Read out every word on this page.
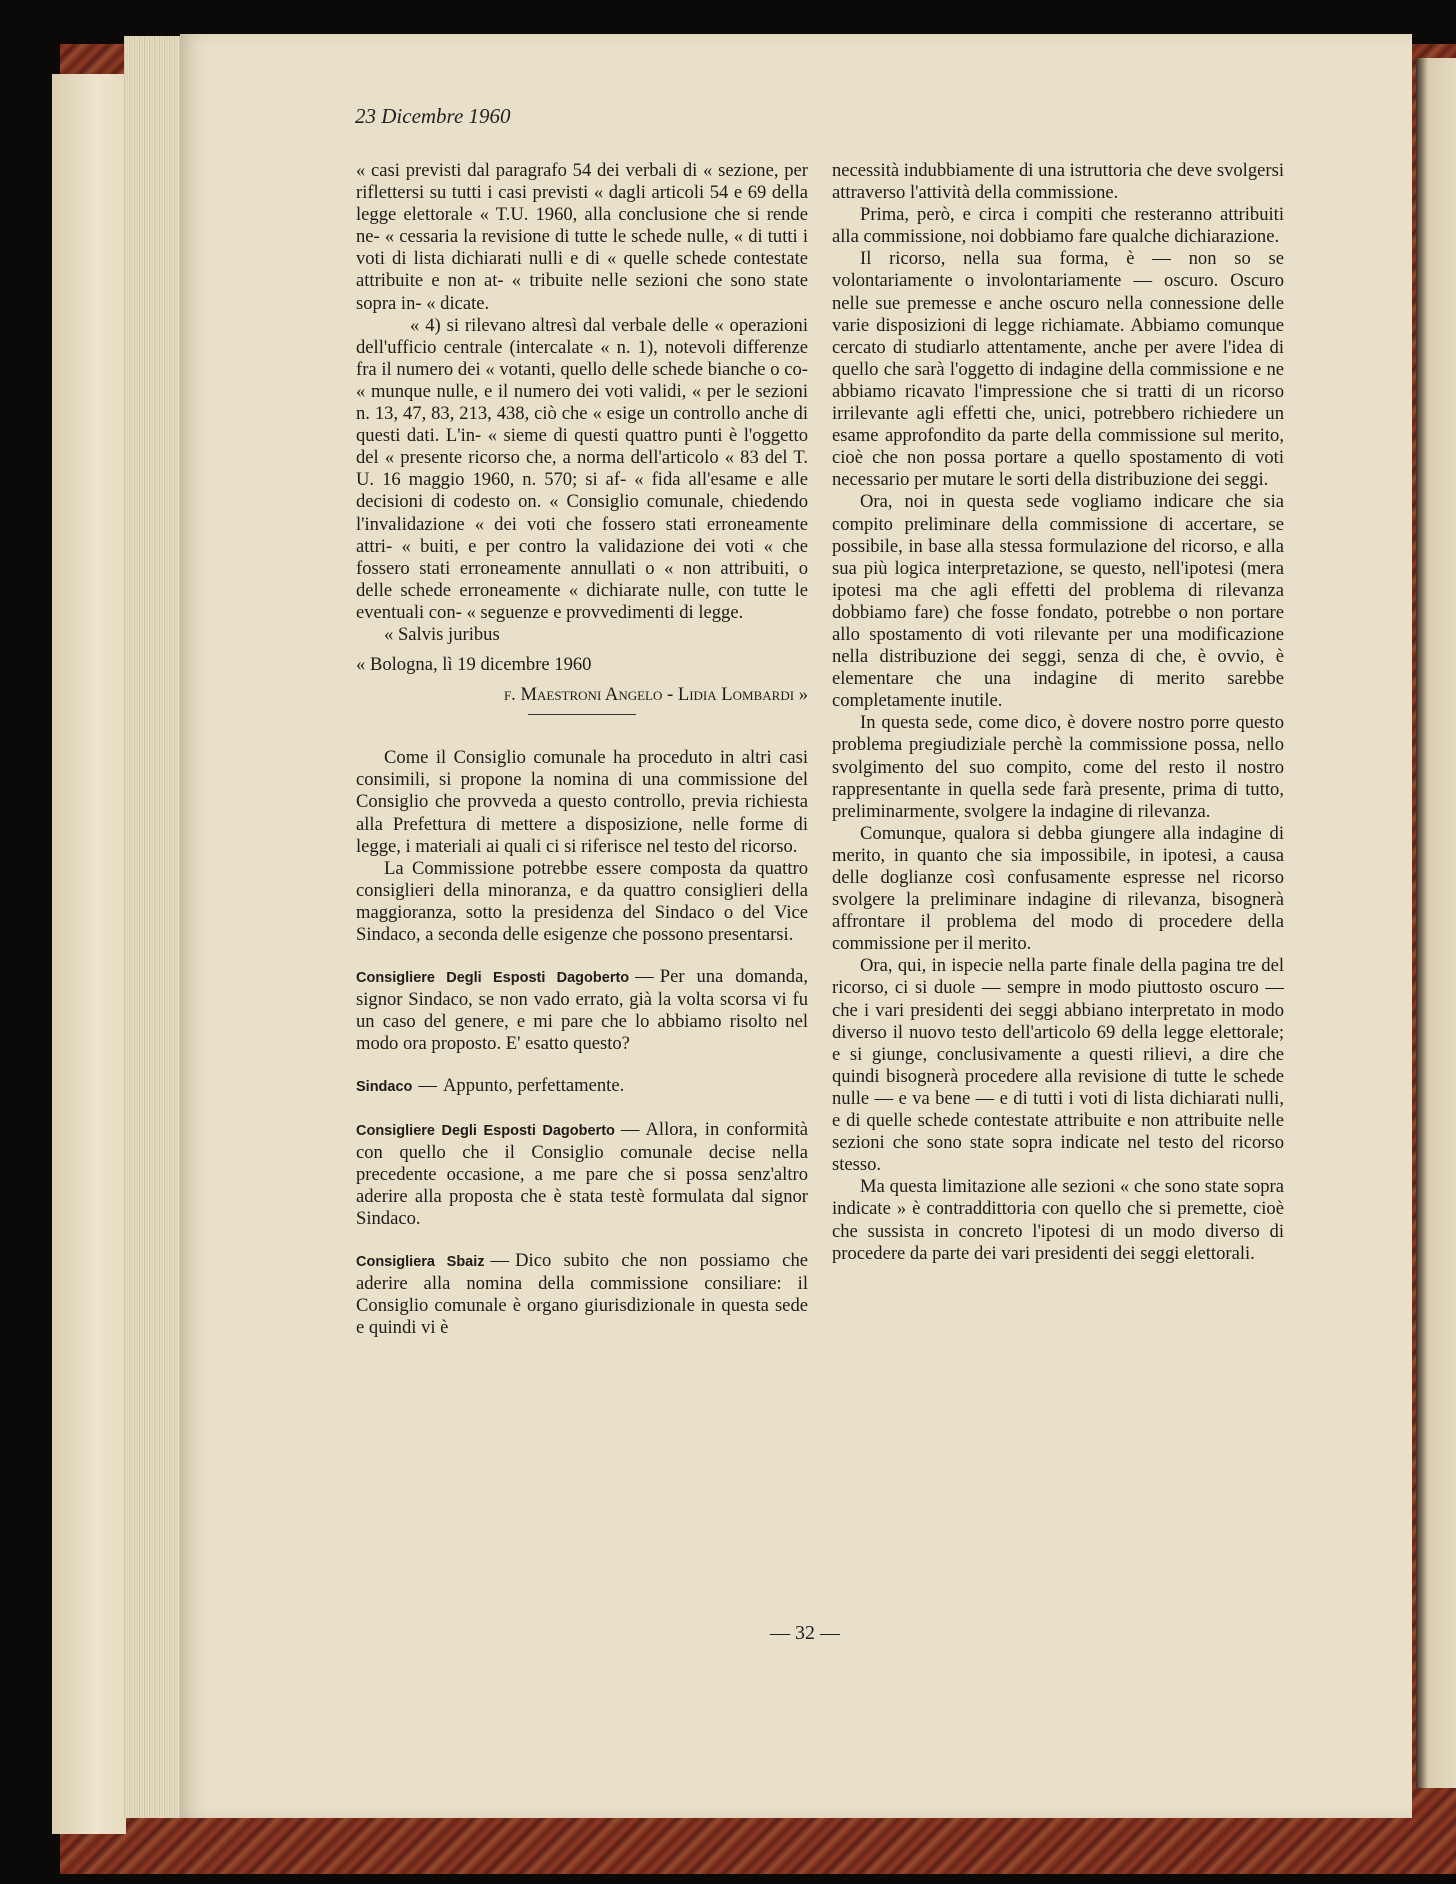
23 Dicembre 1960

« casi previsti dal paragrafo 54 dei verbali di « sezione, per riflettersi su tutti i casi previsti « dagli articoli 54 e 69 della legge elettorale « T.U. 1960, alla conclusione che si rende ne- « cessaria la revisione di tutte le schede nulle, « di tutti i voti di lista dichiarati nulli e di « quelle schede contestate attribuite e non at- « tribuite nelle sezioni che sono state sopra in- « dicate.

« 4) si rilevano altresì dal verbale delle « operazioni dell'ufficio centrale (intercalate « n. 1), notevoli differenze fra il numero dei « votanti, quello delle schede bianche o co- « munque nulle, e il numero dei voti validi, « per le sezioni n. 13, 47, 83, 213, 438, ciò che « esige un controllo anche di questi dati. L'in- « sieme di questi quattro punti è l'oggetto del « presente ricorso che, a norma dell'articolo « 83 del T. U. 16 maggio 1960, n. 570; si af- « fida all'esame e alle decisioni di codesto on. « Consiglio comunale, chiedendo l'invalidazione « dei voti che fossero stati erroneamente attri- « buiti, e per contro la validazione dei voti « che fossero stati erroneamente annullati o « non attribuiti, o delle schede erroneamente « dichiarate nulle, con tutte le eventuali con- « seguenze e provvedimenti di legge.

« Salvis juribus

« Bologna, lì 19 dicembre 1960

f. Maestroni Angelo - Lidia Lombardi »

Come il Consiglio comunale ha proceduto in altri casi consimili, si propone la nomina di una commissione del Consiglio che provveda a questo controllo, previa richiesta alla Prefettura di mettere a disposizione, nelle forme di legge, i materiali ai quali ci si riferisce nel testo del ricorso.

La Commissione potrebbe essere composta da quattro consiglieri della minoranza, e da quattro consiglieri della maggioranza, sotto la presidenza del Sindaco o del Vice Sindaco, a seconda delle esigenze che possono presentarsi.

Consigliere Degli Esposti Dagoberto — Per una domanda, signor Sindaco, se non vado errato, già la volta scorsa vi fu un caso del genere, e mi pare che lo abbiamo risolto nel modo ora proposto. E' esatto questo?

Sindaco — Appunto, perfettamente.

Consigliere Degli Esposti Dagoberto — Allora, in conformità con quello che il Consiglio comunale decise nella precedente occasione, a me pare che si possa senz'altro aderire alla proposta che è stata testè formulata dal signor Sindaco.

Consigliera Sbaiz — Dico subito che non possiamo che aderire alla nomina della commissione consiliare: il Consiglio comunale è organo giurisdizionale in questa sede e quindi vi è

necessità indubbiamente di una istruttoria che deve svolgersi attraverso l'attività della commissione.

Prima, però, e circa i compiti che resteranno attribuiti alla commissione, noi dobbiamo fare qualche dichiarazione.

Il ricorso, nella sua forma, è — non so se volontariamente o involontariamente — oscuro. Oscuro nelle sue premesse e anche oscuro nella connessione delle varie disposizioni di legge richiamate. Abbiamo comunque cercato di studiarlo attentamente, anche per avere l'idea di quello che sarà l'oggetto di indagine della commissione e ne abbiamo ricavato l'impressione che si tratti di un ricorso irrilevante agli effetti che, unici, potrebbero richiedere un esame approfondito da parte della commissione sul merito, cioè che non possa portare a quello spostamento di voti necessario per mutare le sorti della distribuzione dei seggi.

Ora, noi in questa sede vogliamo indicare che sia compito preliminare della commissione di accertare, se possibile, in base alla stessa formulazione del ricorso, e alla sua più logica interpretazione, se questo, nell'ipotesi (mera ipotesi ma che agli effetti del problema di rilevanza dobbiamo fare) che fosse fondato, potrebbe o non portare allo spostamento di voti rilevante per una modificazione nella distribuzione dei seggi, senza di che, è ovvio, è elementare che una indagine di merito sarebbe completamente inutile.

In questa sede, come dico, è dovere nostro porre questo problema pregiudiziale perchè la commissione possa, nello svolgimento del suo compito, come del resto il nostro rappresentante in quella sede farà presente, prima di tutto, preliminarmente, svolgere la indagine di rilevanza.

Comunque, qualora si debba giungere alla indagine di merito, in quanto che sia impossibile, in ipotesi, a causa delle doglianze così confusamente espresse nel ricorso svolgere la preliminare indagine di rilevanza, bisognerà affrontare il problema del modo di procedere della commissione per il merito.

Ora, qui, in ispecie nella parte finale della pagina tre del ricorso, ci si duole — sempre in modo piuttosto oscuro — che i vari presidenti dei seggi abbiano interpretato in modo diverso il nuovo testo dell'articolo 69 della legge elettorale; e si giunge, conclusivamente a questi rilievi, a dire che quindi bisognerà procedere alla revisione di tutte le schede nulle — e va bene — e di tutti i voti di lista dichiarati nulli, e di quelle schede contestate attribuite e non attribuite nelle sezioni che sono state sopra indicate nel testo del ricorso stesso.

Ma questa limitazione alle sezioni « che sono state sopra indicate » è contraddittoria con quello che si premette, cioè che sussista in concreto l'ipotesi di un modo diverso di procedere da parte dei vari presidenti dei seggi elettorali.

— 32 —
